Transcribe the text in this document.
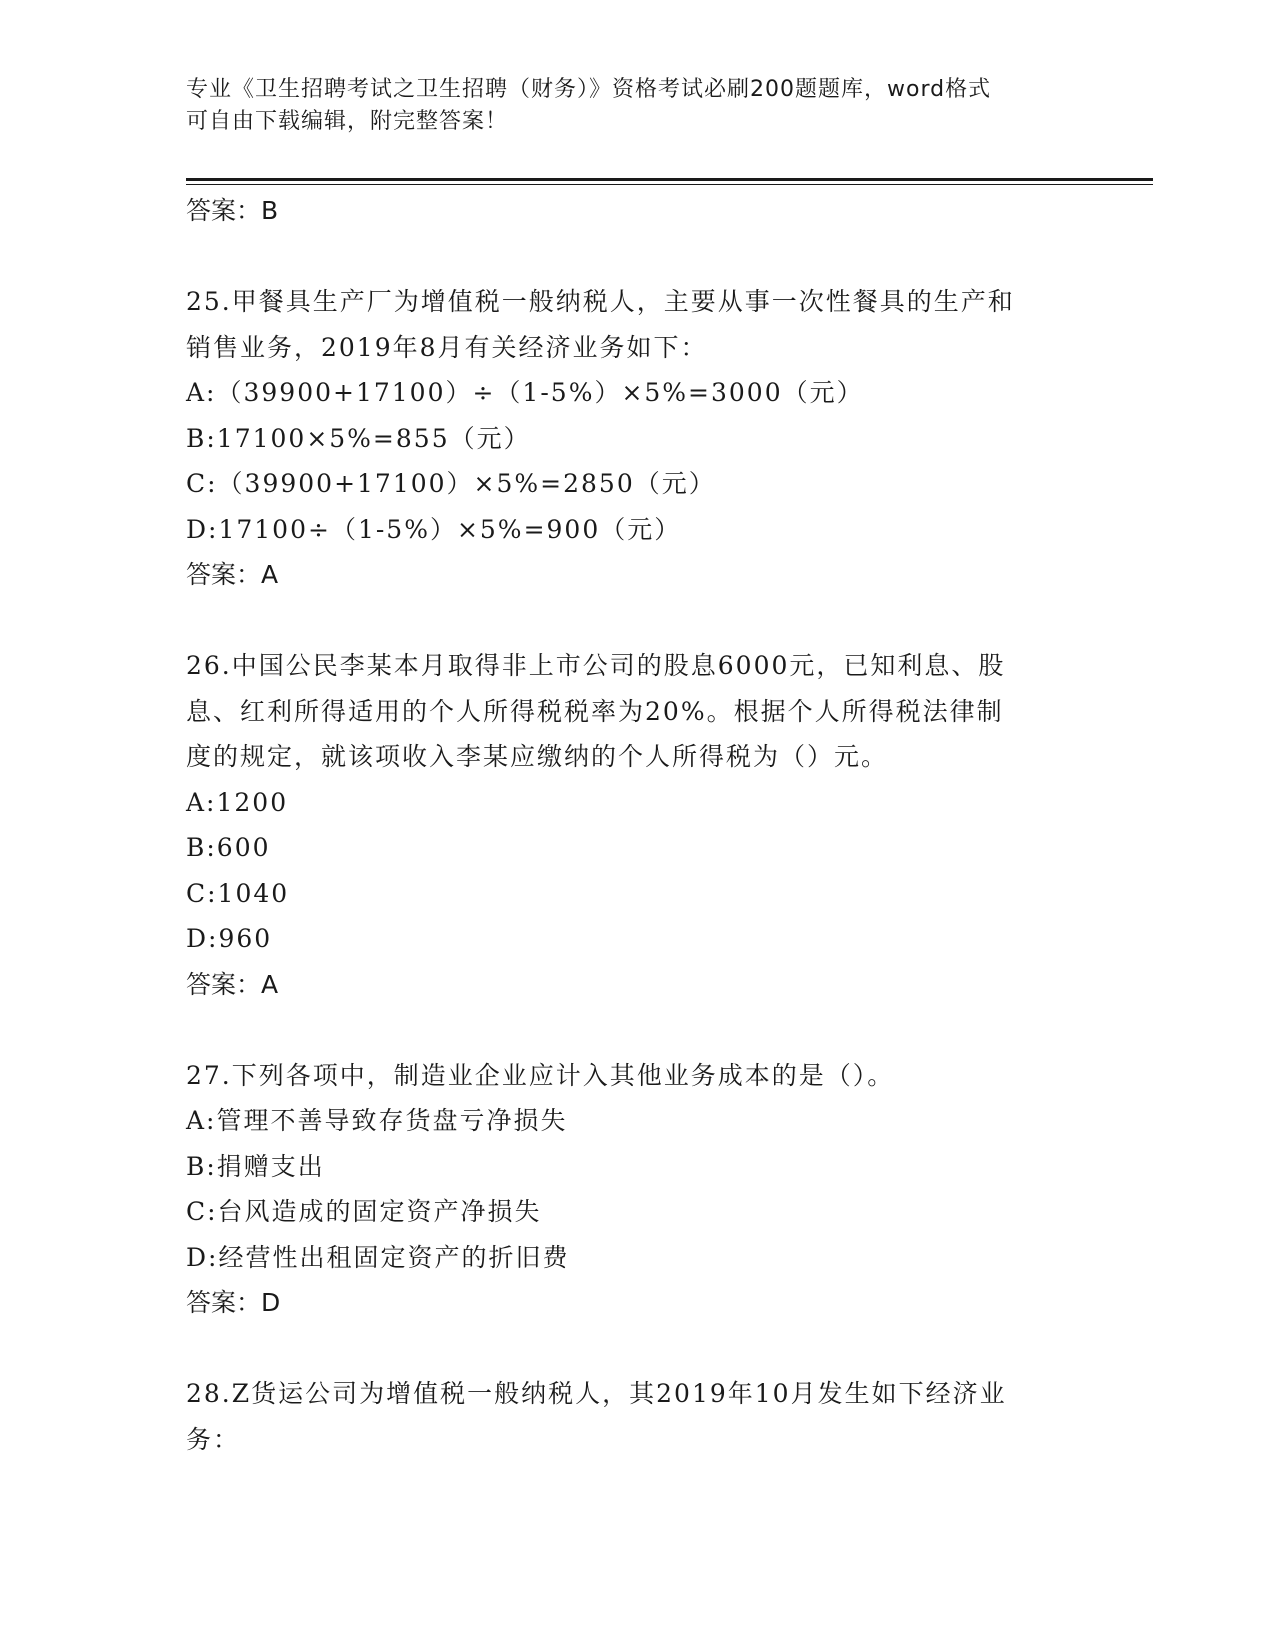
专业《卫生招聘考试之卫生招聘（财务）》资格考试必刷200题题库，word格式
可自由下载编辑，附完整答案！
答案：B
25.甲餐具生产厂为增值税一般纳税人，主要从事一次性餐具的生产和
销售业务，2019年8月有关经济业务如下：
A:（39900+17100）÷（1-5%）×5%=3000（元）
B:17100×5%=855（元）
C:（39900+17100）×5%=2850（元）
D:17100÷（1-5%）×5%=900（元）
答案：A
26.中国公民李某本月取得非上市公司的股息6000元，已知利息、股
息、红利所得适用的个人所得税税率为20%。根据个人所得税法律制
度的规定，就该项收入李某应缴纳的个人所得税为（）元。
A:1200
B:600
C:1040
D:960
答案：A
27.下列各项中，制造业企业应计入其他业务成本的是（）。
A:管理不善导致存货盘亏净损失
B:捐赠支出
C:台风造成的固定资产净损失
D:经营性出租固定资产的折旧费
答案：D
28.Z货运公司为增值税一般纳税人，其2019年10月发生如下经济业
务：
